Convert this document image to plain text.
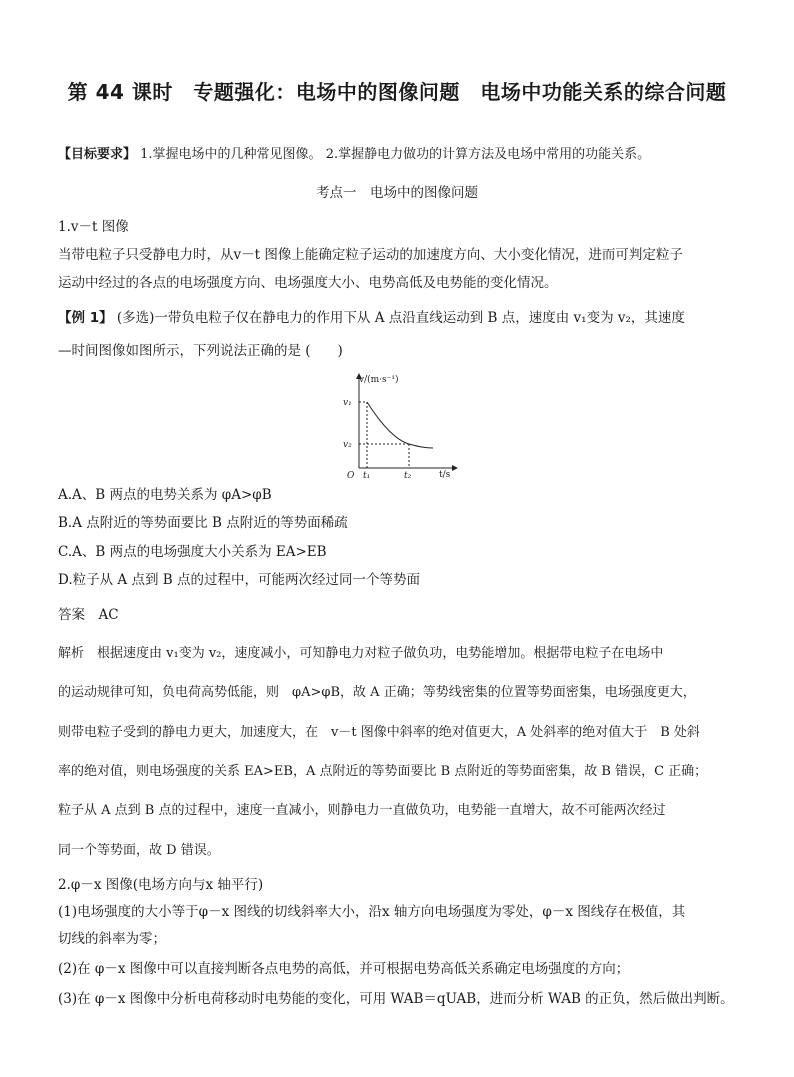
第 44 课时　专题强化：电场中的图像问题　电场中功能关系的综合问题
【目标要求】 1.掌握电场中的几种常见图像。 2.掌握静电力做功的计算方法及电场中常用的功能关系。
考点一　电场中的图像问题
1.v－t 图像
当带电粒子只受静电力时，从v－t 图像上能确定粒子运动的加速度方向、大小变化情况，进而可判定粒子
运动中经过的各点的电场强度方向、电场强度大小、电势高低及电势能的变化情况。
【例 1】 (多选)一带负电粒子仅在静电力的作用下从 A 点沿直线运动到 B 点，速度由 v₁变为 v₂，其速度
—时间图像如图所示，下列说法正确的是 (　　)
v/(m·s⁻¹)
t/s
O
v₁
v₂
t₁	t₂
A.A、B 两点的电势关系为 φA>φB
B.A 点附近的等势面要比 B 点附近的等势面稀疏
C.A、B 两点的电场强度大小关系为 EA>EB
D.粒子从 A 点到 B 点的过程中，可能两次经过同一个等势面
答案　AC
解析　根据速度由 v₁变为 v₂，速度减小，可知静电力对粒子做负功，电势能增加。根据带电粒子在电场中
的运动规律可知，负电荷高势低能，则　φA>φB，故 A 正确；等势线密集的位置等势面密集，电场强度更大，
则带电粒子受到的静电力更大，加速度大，在　v－t 图像中斜率的绝对值更大，A 处斜率的绝对值大于　B 处斜
率的绝对值，则电场强度的关系 EA>EB，A 点附近的等势面要比 B 点附近的等势面密集，故 B 错误，C 正确；
粒子从 A 点到 B 点的过程中，速度一直减小，则静电力一直做负功，电势能一直增大，故不可能两次经过
同一个等势面，故 D 错误。
2.φ－x 图像(电场方向与x 轴平行)
(1)电场强度的大小等于φ－x 图线的切线斜率大小，沿x 轴方向电场强度为零处，φ－x 图线存在极值，其
切线的斜率为零；
(2)在 φ－x 图像中可以直接判断各点电势的高低，并可根据电势高低关系确定电场强度的方向；
(3)在 φ－x 图像中分析电荷移动时电势能的变化，可用 WAB＝qUAB，进而分析 WAB 的正负，然后做出判断。
